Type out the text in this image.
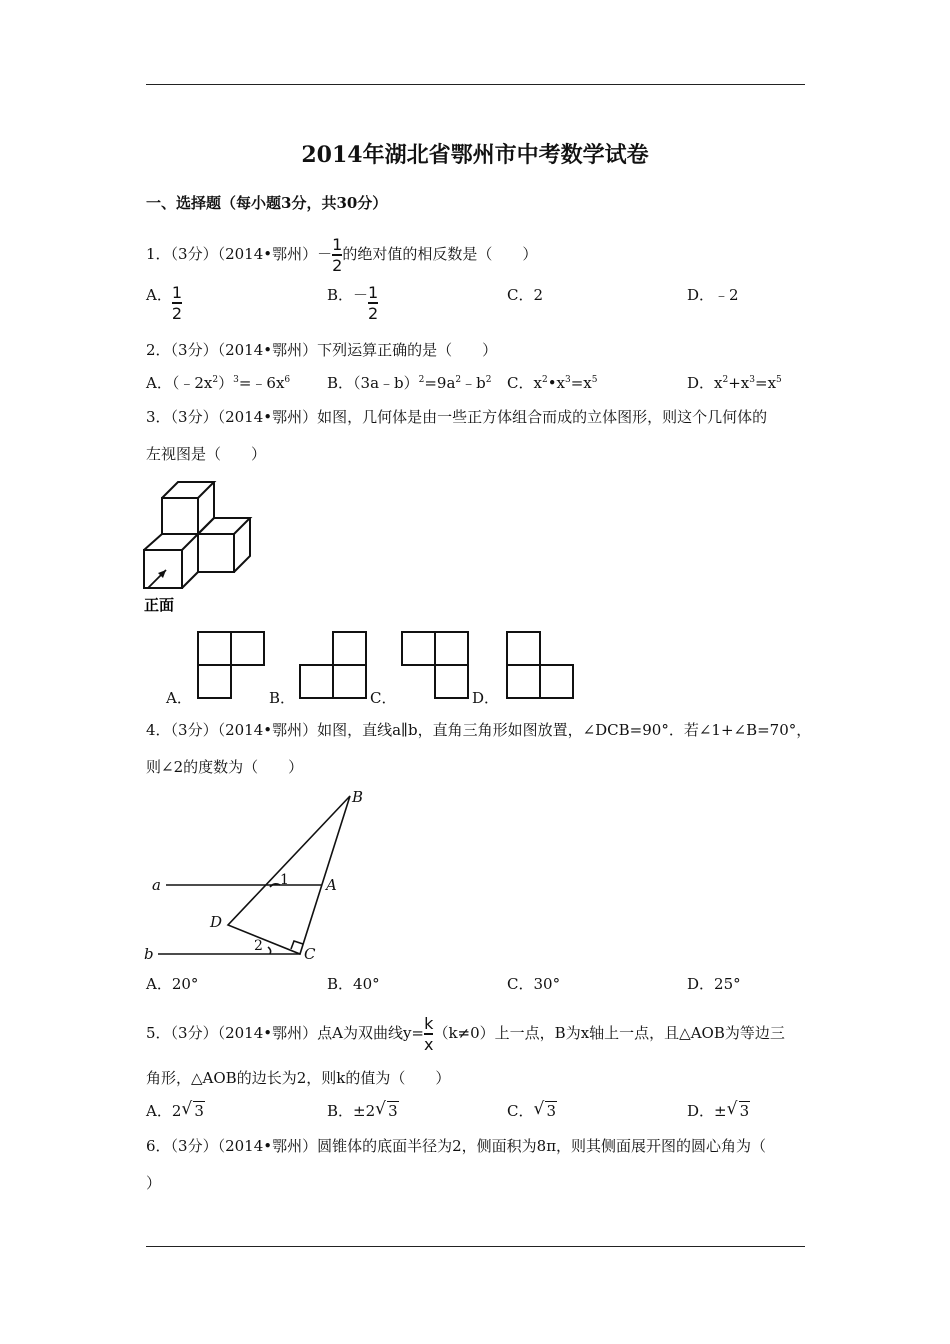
2014年湖北省鄂州市中考数学试卷
一、选择题（每小题3分，共30分）
1．（3分）（2014•鄂州）－ $\frac{1}{2}$ 的绝对值的相反数是（　　）
A． $\frac{1}{2}$	B．－ $\frac{1}{2}$	C．2	D．﹣2
2．（3分）（2014•鄂州）下列运算正确的是（　　）
A．$(﹣2x^2)^3=﹣6x^6$ B．$(3a﹣b)^2=9a^2﹣b^2$ C．$x^2•x^3=x^5$	D．$x^2+x^3=x^5$
3．（3分）（2014•鄂州）如图，几何体是由一些正方体组合而成的立体图形，则这个几何体的
左视图是（　　）
正面
A．	B．	C．	D．
4．（3分）（2014•鄂州）如图，直线a∥b，直角三角形如图放置，∠DCB=90°．若∠1+∠B=70°，
则∠2的度数为（　　）
a
b
B
A
D
C
1
2
A．20°	B．40°	C．30°	D．25°
5．（3分）（2014•鄂州）点A为双曲线$y= \frac{k}{x} (k\ne 0)$上一点，B为x轴上一点，且△AOB为等边三
角形，△AOB的边长为2，则k的值为（　　）
A．2 √ 3	B．±2 √ 3	C． √ 3	D．± √ 3
6．（3分）（2014•鄂州）圆锥体的底面半径为2，侧面积为8π，则其侧面展开图的圆心角为（
）
